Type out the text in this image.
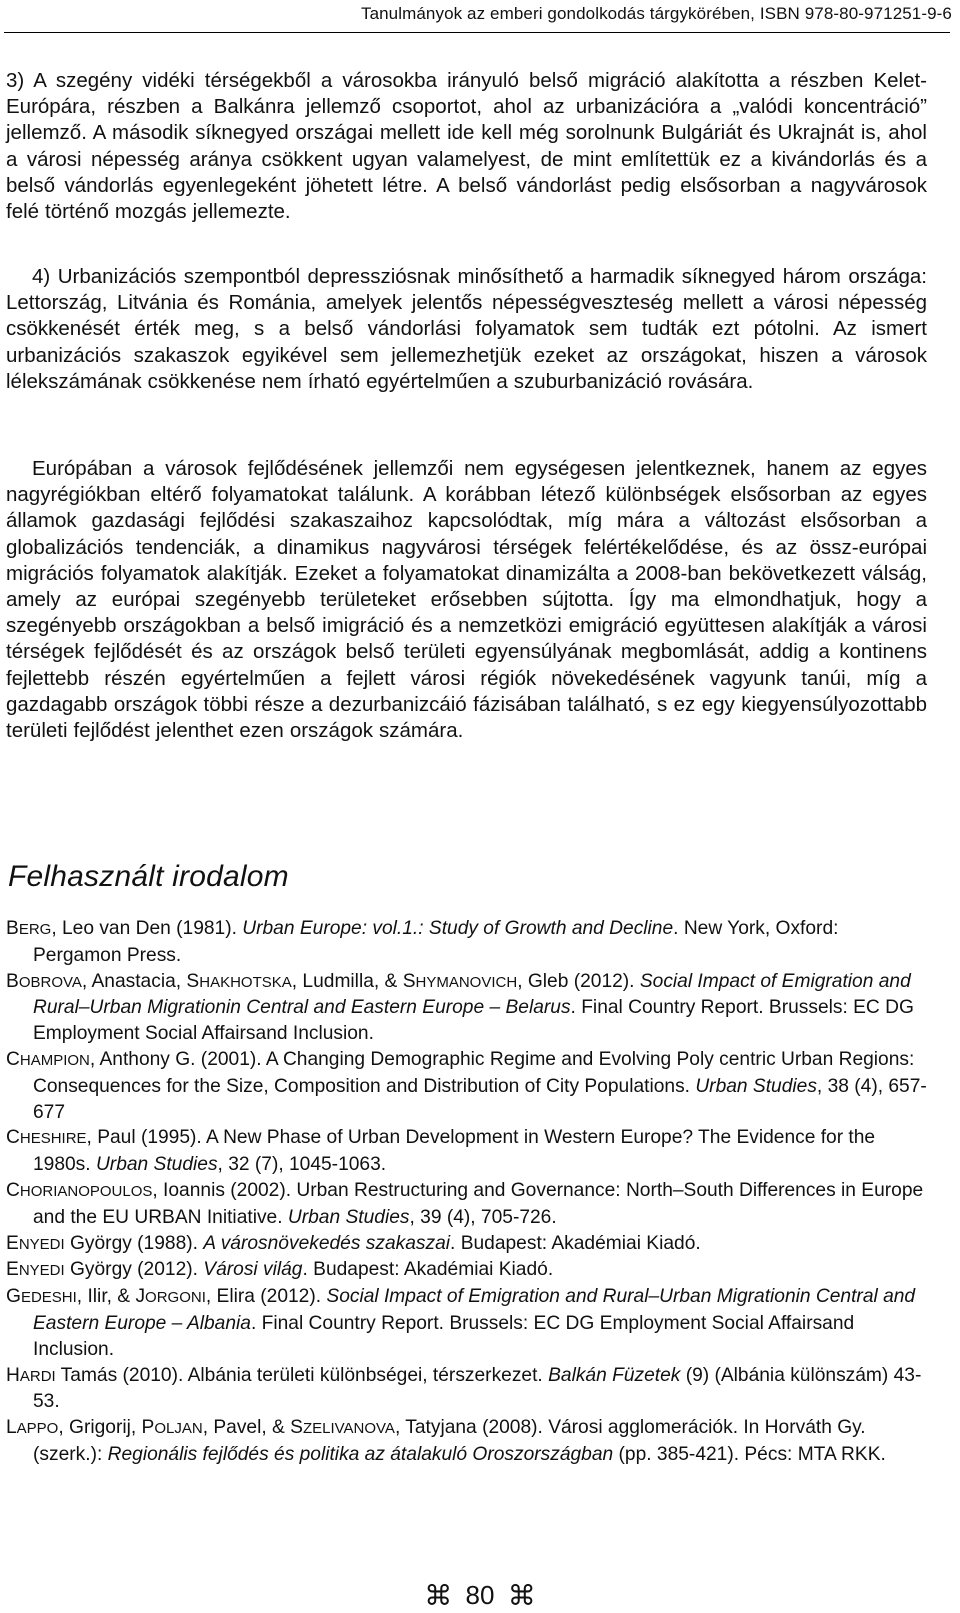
Tanulmányok az emberi gondolkodás tárgykörében, ISBN 978-80-971251-9-6

3) A szegény vidéki térségekből a városokba irányuló belső migráció alakította a részben Kelet-Európára, részben a Balkánra jellemző csoportot, ahol az urbanizációra a „valódi koncentráció” jellemző. A második síknegyed országai mellett ide kell még sorolnunk Bulgáriát és Ukrajnát is, ahol a városi népesség aránya csökkent ugyan valamelyest, de mint említettük ez a kivándorlás és a belső vándorlás egyenlegeként jöhetett létre. A belső vándorlást pedig elsősorban a nagyvárosok felé történő mozgás jellemezte.

4) Urbanizációs szempontból depressziósnak minősíthető a harmadik síknegyed három országa: Lettország, Litvánia és Románia, amelyek jelentős népességveszteség mellett a városi népesség csökkenését érték meg, s a belső vándorlási folyamatok sem tudták ezt pótolni. Az ismert urbanizációs szakaszok egyikével sem jellemezhetjük ezeket az országokat, hiszen a városok lélekszámának csökkenése nem írható egyértelműen a szuburbanizáció rovására.

Európában a városok fejlődésének jellemzői nem egységesen jelentkeznek, hanem az egyes nagyrégiókban eltérő folyamatokat találunk. A korábban létező különbségek elsősorban az egyes államok gazdasági fejlődési szakaszaihoz kapcsolódtak, míg mára a változást elsősorban a globalizációs tendenciák, a dinamikus nagyvárosi térségek felértékelődése, és az össz-európai migrációs folyamatok alakítják. Ezeket a folyamatokat dinamizálta a 2008-ban bekövetkezett válság, amely az európai szegényebb területeket erősebben sújtotta. Így ma elmondhatjuk, hogy a szegényebb országokban a belső imigráció és a nemzetközi emigráció együttesen alakítják a városi térségek fejlődését és az országok belső területi egyensúlyának megbomlását, addig a kontinens fejlettebb részén egyértelműen a fejlett városi régiók növekedésének vagyunk tanúi, míg a gazdagabb országok többi része a dezurbanizcáió fázisában található, s ez egy kiegyensúlyozottabb területi fejlődést jelenthet ezen országok számára.

Felhasznált irodalom
BERG, Leo van Den (1981). Urban Europe: vol.1.: Study of Growth and Decline. New York, Oxford: Pergamon Press.
BOBROVA, Anastacia, SHAKHOTSKA, Ludmilla, & SHYMANOVICH, Gleb (2012). Social Impact of Emigration and Rural–Urban Migrationin Central and Eastern Europe – Belarus. Final Country Report. Brussels: EC DG Employment Social Affairsand Inclusion.
CHAMPION, Anthony G. (2001). A Changing Demographic Regime and Evolving Poly centric Urban Regions: Consequences for the Size, Composition and Distribution of City Populations. Urban Studies, 38 (4), 657-677
CHESHIRE, Paul (1995). A New Phase of Urban Development in Western Europe? The Evidence for the 1980s. Urban Studies, 32 (7), 1045-1063.
CHORIANOPOULOS, Ioannis (2002). Urban Restructuring and Governance: North–South Differences in Europe and the EU URBAN Initiative. Urban Studies, 39 (4), 705-726.
ENYEDI György (1988). A városnövekedés szakaszai. Budapest: Akadémiai Kiadó.
ENYEDI György (2012). Városi világ. Budapest: Akadémiai Kiadó.
GEDESHI, Ilir, & JORGONI, Elira (2012). Social Impact of Emigration and Rural–Urban Migrationin Central and Eastern Europe – Albania. Final Country Report. Brussels: EC DG Employment Social Affairsand Inclusion.
HARDI Tamás (2010). Albánia területi különbségei, térszerkezet. Balkán Füzetek (9) (Albánia különszám) 43-53.
LAPPO, Grigorij, POLJAN, Pavel, & SZELIVANOVA, Tatyjana (2008). Városi agglomerációk. In Horváth Gy. (szerk.): Regionális fejlődés és politika az átalakuló Oroszországban (pp. 385-421). Pécs: MTA RKK.
⌘ 80 ⌘
